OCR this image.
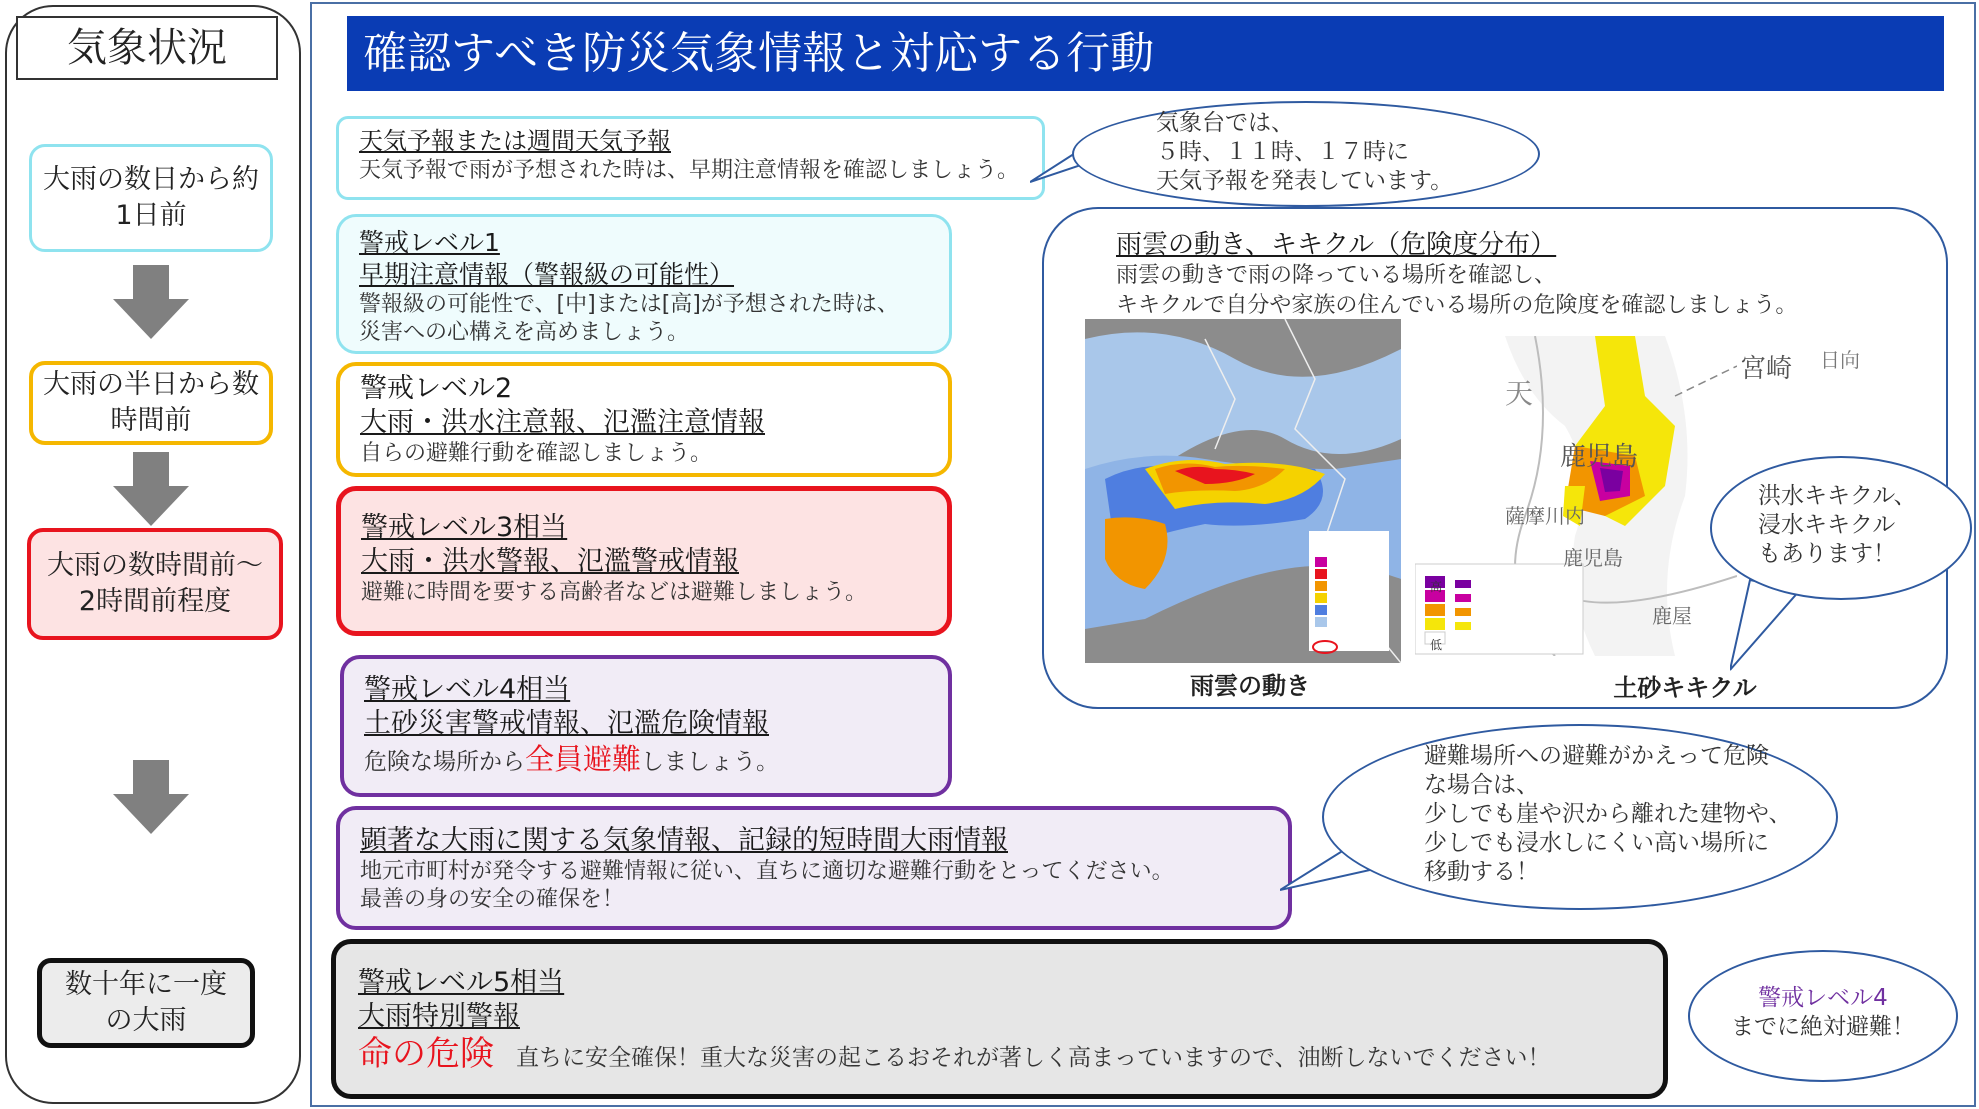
気象状況
大雨の数日から約1日前
大雨の半日から数時間前
大雨の数時間前～2時間前程度
数十年に一度の大雨
確認すべき防災気象情報と対応する行動
天気予報または週間天気予報
天気予報で雨が予想された時は、早期注意情報を確認しましょう。
気象台では、
５時、１１時、１７時に
天気予報を発表しています。
警戒レベル1
早期注意情報（警報級の可能性）
警報級の可能性で、[中]または[高]が予想された時は、
災害への心構えを高めましょう。
警戒レベル2
大雨・洪水注意報、氾濫注意情報
自らの避難行動を確認しましょう。
警戒レベル3相当
大雨・洪水警報、氾濫警戒情報
避難に時間を要する高齢者などは避難しましょう。
警戒レベル4相当
土砂災害警戒情報、氾濫危険情報
危険な場所から全員避難しましょう。
顕著な大雨に関する気象情報、記録的短時間大雨情報
地元市町村が発令する避難情報に従い、直ちに適切な避難行動をとってください。
最善の身の安全の確保を！
警戒レベル5相当
大雨特別警報
命の危険 直ちに安全確保！重大な災害の起こるおそれが著しく高まっていますので、油断しないでください！
雨雲の動き、キキクル（危険度分布）
雨雲の動きで雨の降っている場所を確認し、
キキクルで自分や家族の住んでいる場所の危険度を確認しましょう。
雨雲の動き
宮崎 日向
天
鹿児島
薩摩川内
鹿児島
鹿屋
高
低
土砂キキクル
洪水キキクル、
浸水キキクル
もあります！
避難場所への避難がかえって危険
な場合は、
少しでも崖や沢から離れた建物や、
少しでも浸水しにくい高い場所に
移動する！
警戒レベル4
までに絶対避難！
